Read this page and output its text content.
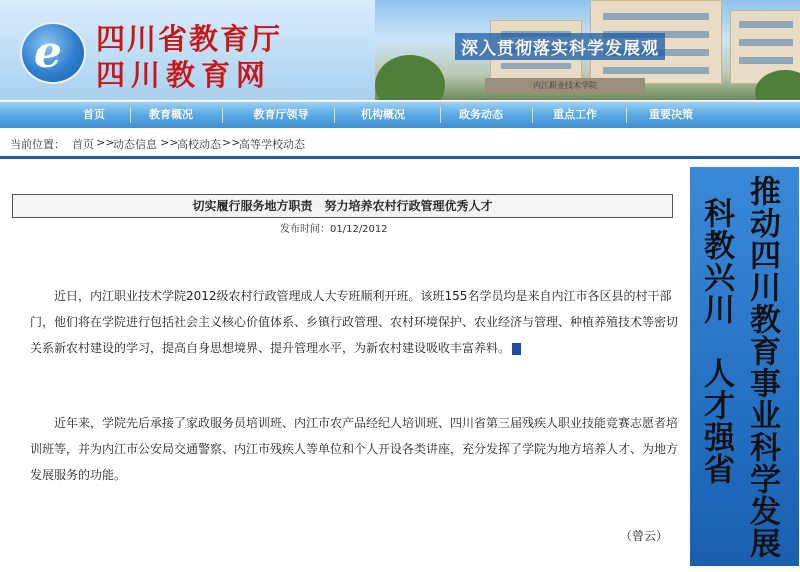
e 四川省教育厅
四川教育网
深入贯彻落实科学发展观
内江职业技术学院
首页	教育概况	教育厅领导	机构概况	政务动态	重点工作	重要决策
当前位置： 首页 >>
动态信息 >>
高校动态 >>
高等学校动态
切实履行服务地方职责　努力培养农村行政管理优秀人才
发布时间：01/12/2012

近日，内江职业技术学院2012级农村行政管理成人大专班顺利开班。该班155名学员均是来自内江市各区县的村干部门，他们将在学院进行包括社会主义核心价值体系、乡镇行政管理、农村环境保护、农业经济与管理、种植养殖技术等密切关系新农村建设的学习，提高自身思想境界、提升管理水平，为新农村建设吸收丰富养料。

近年来，学院先后承接了家政服务员培训班、内江市农产品经纪人培训班、四川省第三届残疾人职业技能竞赛志愿者培训班等，并为内江市公安局交通警察、内江市残疾人等单位和个人开设各类讲座，充分发挥了学院为地方培养人才、为地方发展服务的功能。

（曾云） 推动四川教育事业科学发展
科教兴川人才强省
